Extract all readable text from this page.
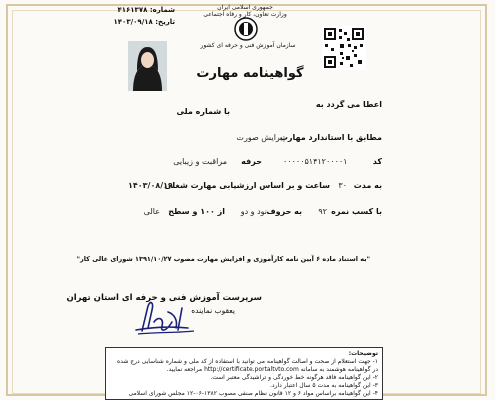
شماره: ۴۱۶۱۳۷۸
تاریخ: ۱۴۰۳/۰۹/۱۸
جمهوری اسلامی ایران
وزارت تعاون، کار و رفاه اجتماعی
سازمان آموزش فنی و حرفه ای کشور
گواهینامه مهارت
اعطا می گردد به
با شماره ملی
مطابق با استاندارد مهارت
پیرایش صورت
کد
۰۰۰۰۰۵۱۴۱۲۰۰۰۰۱
حرفه
مراقبت و زیبایی
به مدت
۳۰
ساعت و بر اساس ارزشیابی مهارت شغلی
۱۴۰۳/۰۸/۱۹
با کسب نمره
۹۲
به حروف
نود و دو
از ۱۰۰ و سطح
عالی
"به استناد ماده ۶ آیین نامه کارآموزی و افزایش مهارت مصوب ۱۳۹۱/۱۰/۲۷ شورای عالی کار"
سرپرست آموزش فنی و حرفه ای استان تهران
یعقوب نماینده
توضیحات:
۱- جهت استعلام از صحت و اصالت گواهینامه می توانید با استفاده از کد ملی و شماره شناسایی درج شده
در گواهینامه هوشمند به سامانه http://certificate.portaltvto.com مراجعه نمایید.
۲- این گواهینامه فاقد هرگونه خط خوردگی و تراشیدگی معتبر است.
۳- این گواهینامه به مدت ۵ سال اعتبار دارد.
۴- این گواهینامه براساس مواد ۶ و ۱۲ قانون نظام صنفی مصوب ۱۳۸۲-۰۶-۱۲ مجلس شورای اسلامی
